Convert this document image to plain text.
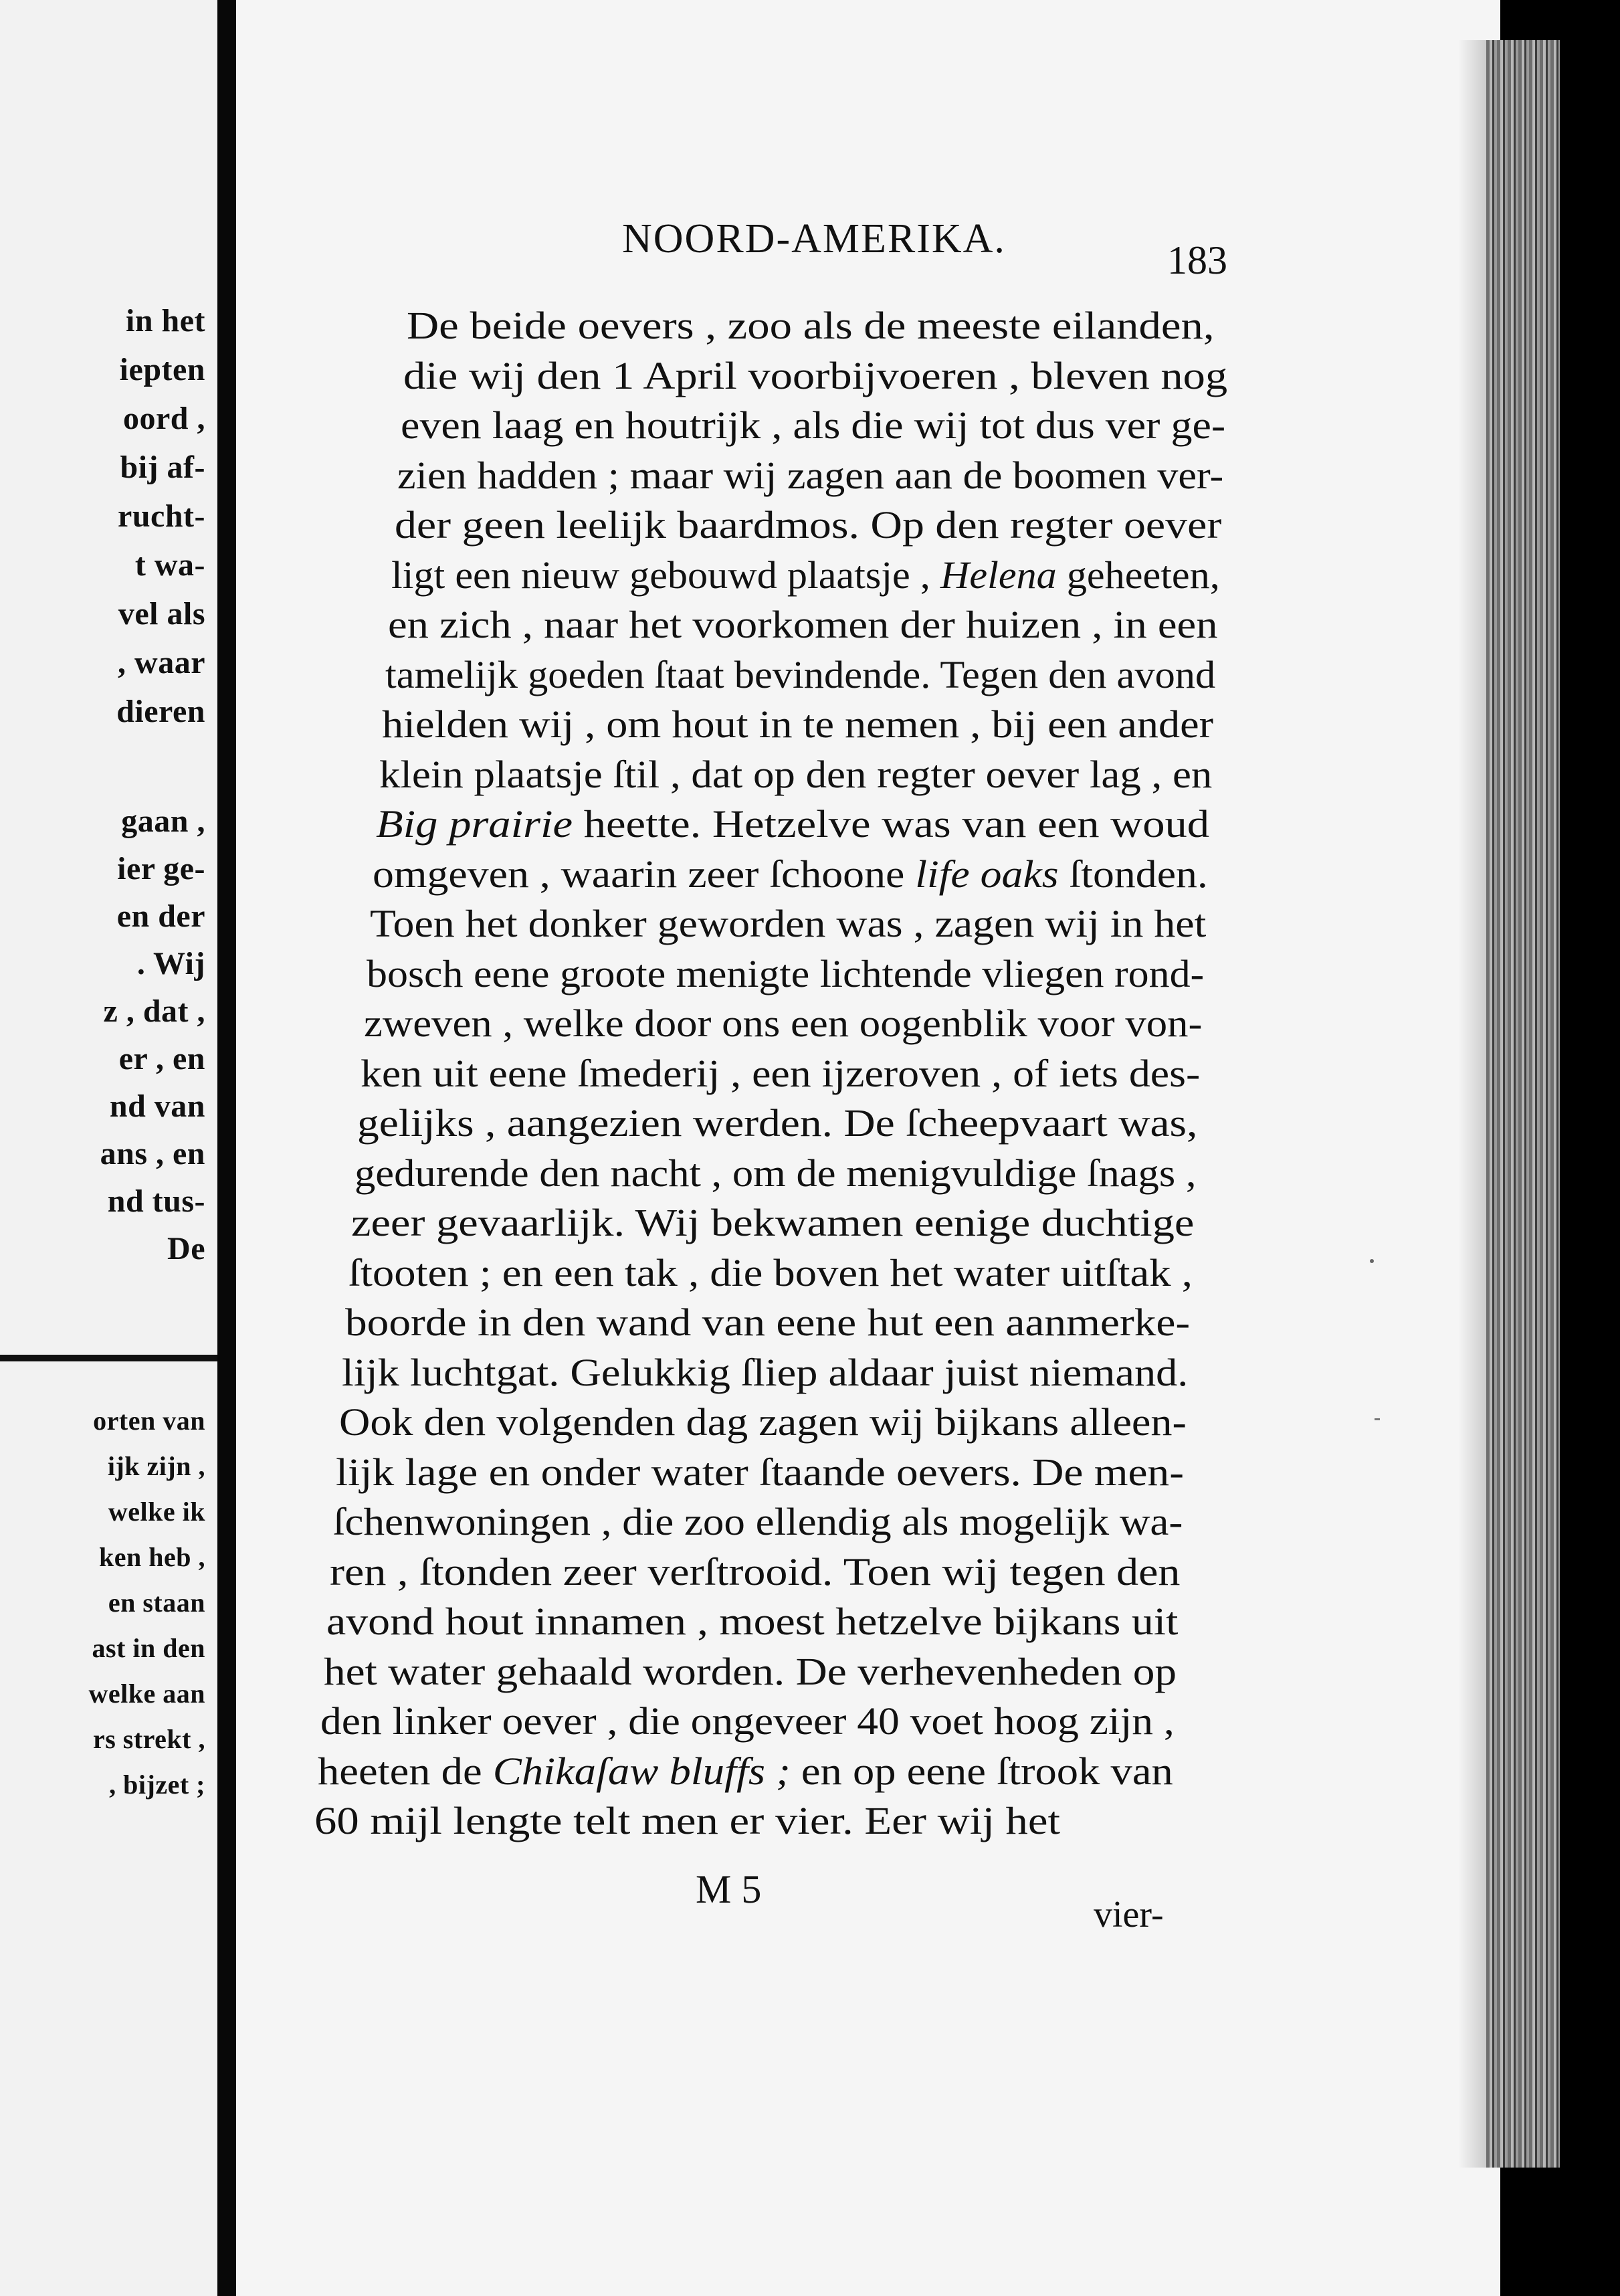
in het
iepten
oord ,
bij af-
rucht-
t wa-
vel als
, waar
dieren
gaan ,
ier ge-
en der
. Wij
z , dat ,
er , en
nd van
ans , en
nd tus-
De
orten van
ijk zijn ,
welke ik
ken heb ,
en staan
ast in den
welke aan
rs strekt ,
, bijzet ;
NOORD-AMERIKA.	183
De beide oevers , zoo als de meeste eilanden,
die wij den 1 April voorbijvoeren , bleven nog
even laag en houtrijk , als die wij tot dus ver ge-
zien hadden ; maar wij zagen aan de boomen ver-
der geen leelijk baardmos. Op den regter oever
ligt een nieuw gebouwd plaatsje , Helena geheeten,
en zich , naar het voorkomen der huizen , in een
tamelijk goeden ſtaat bevindende. Tegen den avond
hielden wij , om hout in te nemen , bij een ander
klein plaatsje ſtil , dat op den regter oever lag , en
Big prairie heette. Hetzelve was van een woud
omgeven , waarin zeer ſchoone life oaks ſtonden.
Toen het donker geworden was , zagen wij in het
bosch eene groote menigte lichtende vliegen rond-
zweven , welke door ons een oogenblik voor von-
ken uit eene ſmederij , een ijzeroven , of iets des-
gelijks , aangezien werden. De ſcheepvaart was,
gedurende den nacht , om de menigvuldige ſnags ,
zeer gevaarlijk. Wij bekwamen eenige duchtige
ſtooten ; en een tak , die boven het water uitſtak ,
boorde in den wand van eene hut een aanmerke-
lijk luchtgat. Gelukkig ſliep aldaar juist niemand.
Ook den volgenden dag zagen wij bijkans alleen-
lijk lage en onder water ſtaande oevers. De men-
ſchenwoningen , die zoo ellendig als mogelijk wa-
ren , ſtonden zeer verſtrooid. Toen wij tegen den
avond hout innamen , moest hetzelve bijkans uit
het water gehaald worden. De verhevenheden op
den linker oever , die ongeveer 40 voet hoog zijn ,
heeten de Chikaſaw bluffs ; en op eene ſtrook van
60 mijl lengte telt men er vier. Eer wij het
M 5
vier-
